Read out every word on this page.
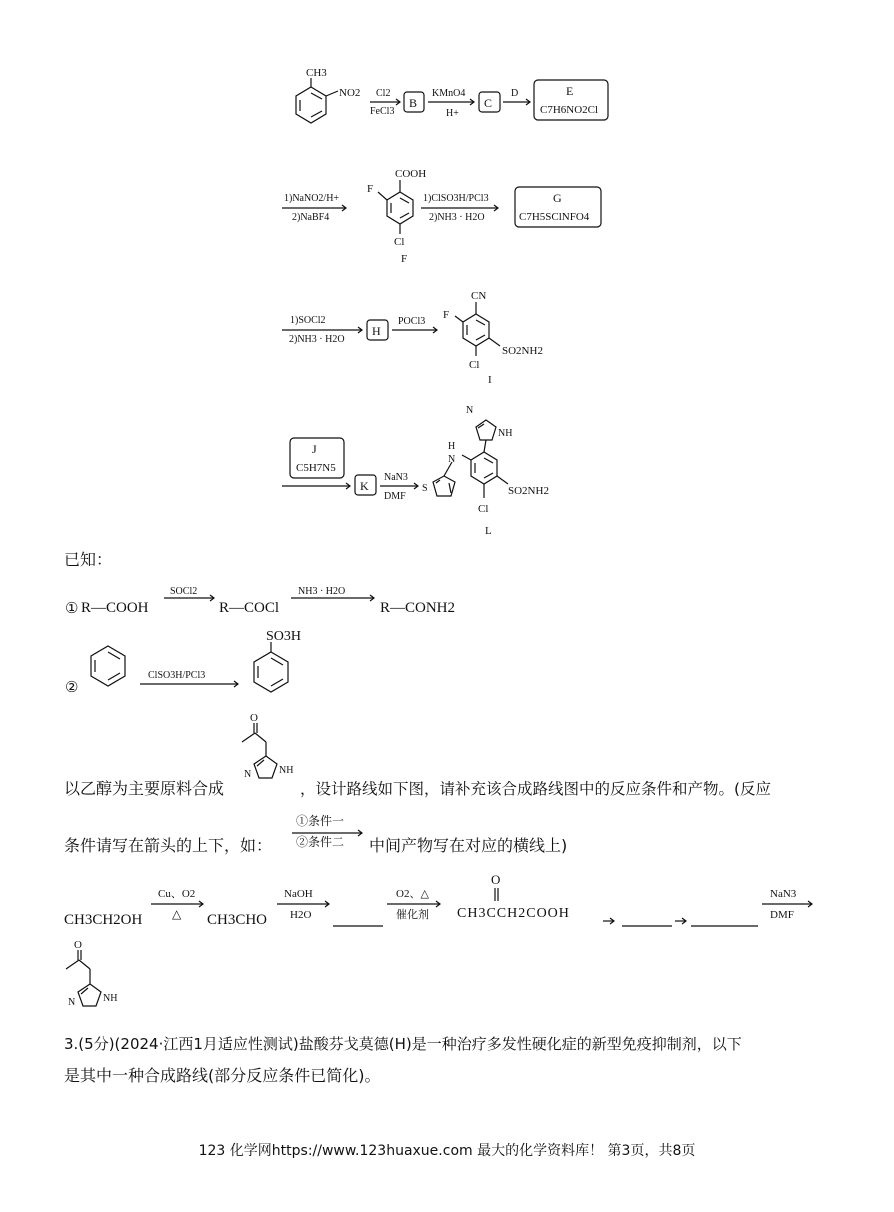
CH3
NO2 Cl2
FeCl3
B
KMnO4
H+
C
D	E
C7H6NO2Cl
1)NaNO2/H+
2)NaBF4
COOH
F
Cl
F
1)ClSO3H/PCl3
2)NH3 · H2O
G
C7H5SClNFO4
1)SOCl2
2)NH3 · H2O
H
POCl3
CN
F
SO2NH2
Cl
I
J
C5H7N5
K
NaN3
DMF
N
NH
H
N
S	SO2NH2
Cl
L
① R—COOH
SOCl2
R—COCl
NH3 · H2O
R—CONH2
②
ClSO3H/PCl3
SO3H
O
N	NH
①条件一
②条件二
CH3CH2OH
Cu、O2
△ CH3CHO
NaOH
H2O
O2、△
催化剂
O
CH3CCH2COOH
NaN3
DMF
O
N	NH
已知：
以乙醇为主要原料合成	，设计路线如下图，请补充该合成路线图中的反应条件和产物。(反应
条件请写在箭头的上下，如：	中间产物写在对应的横线上)
3.(5分)(2024·江西1月适应性测试)盐酸芬戈莫德(H)是一种治疗多发性硬化症的新型免疫抑制剂，以下
是其中一种合成路线(部分反应条件已简化)。
123 化学网https://www.123huaxue.com 最大的化学资料库！ 第3页，共8页
